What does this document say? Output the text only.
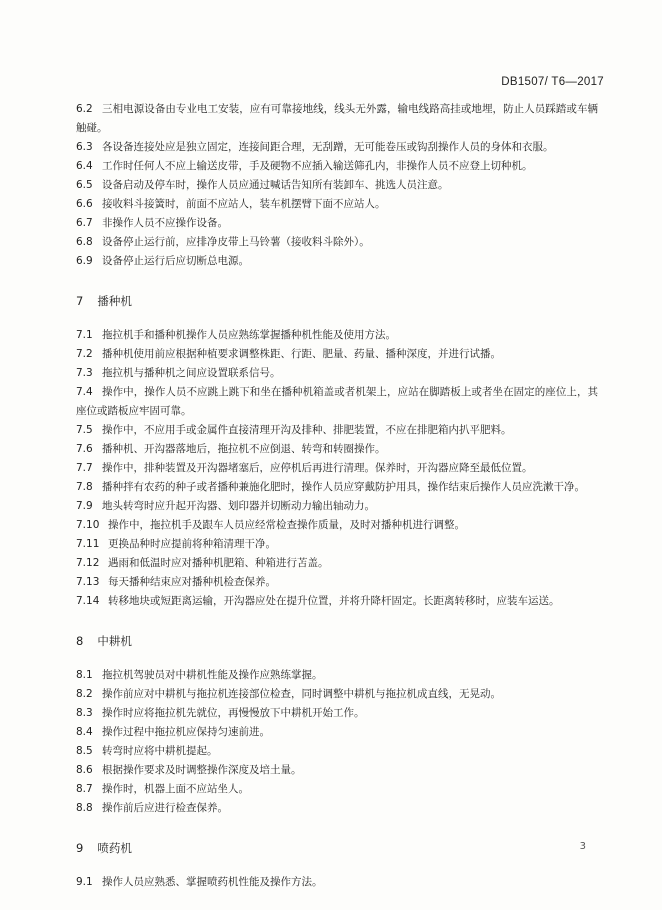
DB1507/ T6—2017
6.2 三相电源设备由专业电工安装，应有可靠接地线，线头无外露，输电线路高挂或地埋，防止人员踩踏或车辆触碰。
6.3 各设备连接处应是独立固定，连接间距合理，无刮蹭，无可能卷压或钩刮操作人员的身体和衣服。
6.4 工作时任何人不应上输送皮带，手及硬物不应插入输送筛孔内，非操作人员不应登上切种机。
6.5 设备启动及停车时，操作人员应通过喊话告知所有装卸车、挑选人员注意。
6.6 接收料斗接簧时，前面不应站人，装车机摆臂下面不应站人。
6.7 非操作人员不应操作设备。
6.8 设备停止运行前，应排净皮带上马铃薯（接收料斗除外）。
6.9 设备停止运行后应切断总电源。
7 播种机
7.1 拖拉机手和播种机操作人员应熟练掌握播种机性能及使用方法。
7.2 播种机使用前应根据种植要求调整株距、行距、肥量、药量、播种深度，并进行试播。
7.3 拖拉机与播种机之间应设置联系信号。
7.4 操作中，操作人员不应跳上跳下和坐在播种机箱盖或者机架上，应站在脚踏板上或者坐在固定的座位上，其座位或踏板应牢固可靠。
7.5 操作中，不应用手或金属件直接清理开沟及排种、排肥装置，不应在排肥箱内扒平肥料。
7.6 播种机、开沟器落地后，拖拉机不应倒退、转弯和转圈操作。
7.7 操作中，排种装置及开沟器堵塞后，应停机后再进行清理。保养时，开沟器应降至最低位置。
7.8 播种拌有农药的种子或者播种兼施化肥时，操作人员应穿戴防护用具，操作结束后操作人员应洗漱干净。
7.9 地头转弯时应升起开沟器、划印器并切断动力输出轴动力。
7.10 操作中，拖拉机手及跟车人员应经常检查操作质量，及时对播种机进行调整。
7.11 更换品种时应提前将种箱清理干净。
7.12 遇雨和低温时应对播种机肥箱、种箱进行苫盖。
7.13 每天播种结束应对播种机检查保养。
7.14 转移地块或短距离运输，开沟器应处在提升位置，并将升降杆固定。长距离转移时，应装车运送。
8 中耕机
8.1 拖拉机驾驶员对中耕机性能及操作应熟练掌握。
8.2 操作前应对中耕机与拖拉机连接部位检查，同时调整中耕机与拖拉机成直线，无晃动。
8.3 操作时应将拖拉机先就位，再慢慢放下中耕机开始工作。
8.4 操作过程中拖拉机应保持匀速前进。
8.5 转弯时应将中耕机提起。
8.6 根据操作要求及时调整操作深度及培土量。
8.7 操作时，机器上面不应站坐人。
8.8 操作前后应进行检查保养。
9 喷药机
9.1 操作人员应熟悉、掌握喷药机性能及操作方法。
3
